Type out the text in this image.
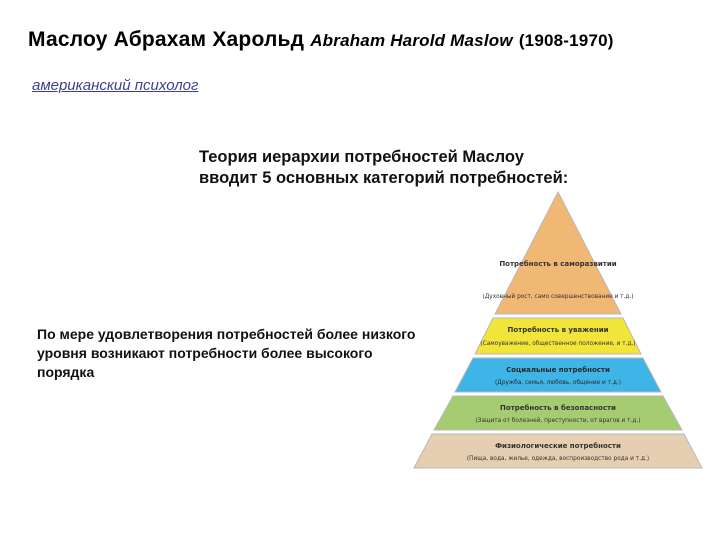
Маслоу Абрахам Харольд Abraham Harold Maslow (1908-1970)
американский психолог
Теория иерархии потребностей Маслоу вводит 5 основных категорий потребностей:
По мере удовлетворения потребностей более низкого уровня возникают потребности более высокого порядка
Потребность в саморазвитии
(Духовный рост, само совершенствование и т.д.)
Потребность в уважении
(Самоуважение, общественное положение, и т.д.)
Социальные потребности
(Дружба, семья, любовь, общение и т.д.)
Потребность в безопасности
(Защита от болезней, преступности, от врагов и т.д.)
Физиологические потребности
(Пища, вода, жилье, одежда, воспроизводство рода и т.д.)
